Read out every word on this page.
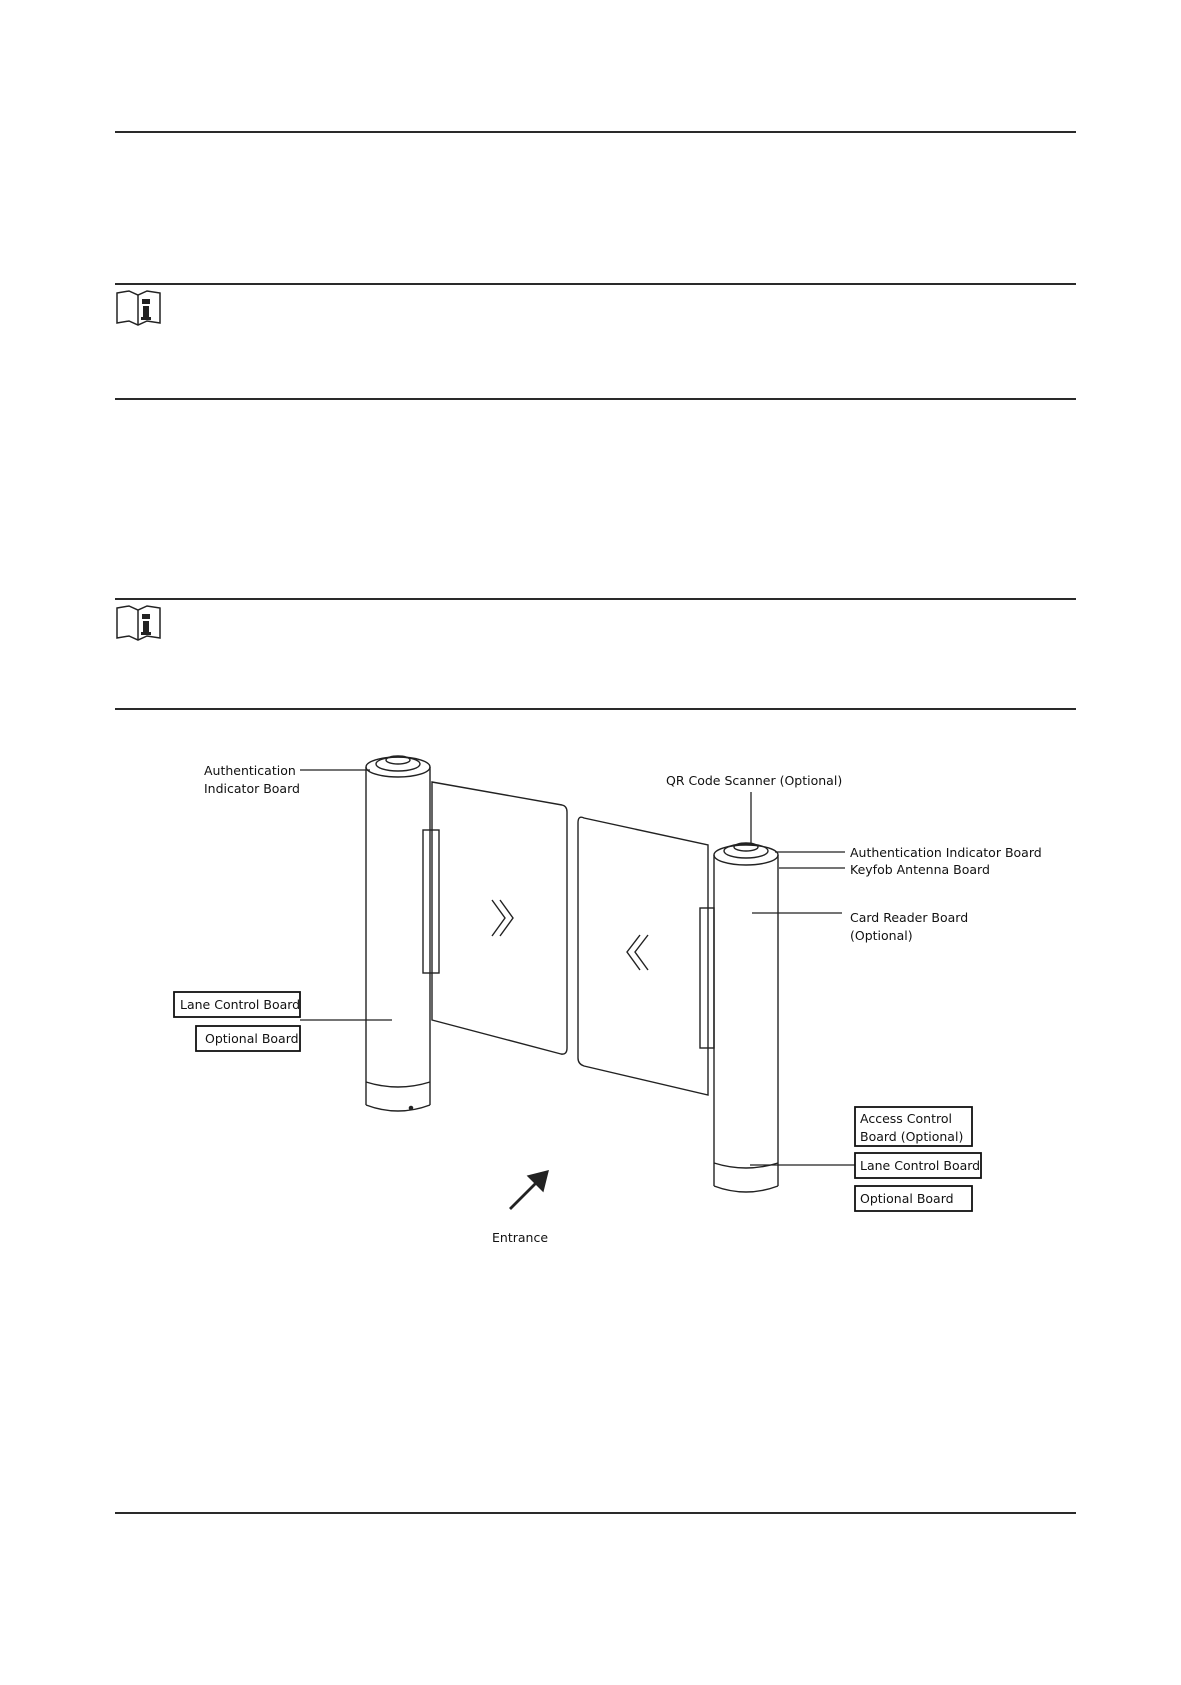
Authentication
Indicator Board
Lane Control Board
Optional Board
QR Code Scanner (Optional)
Authentication Indicator Board
Keyfob Antenna Board
Card Reader Board
(Optional)
Access Control
Board (Optional)
Lane Control Board
Optional Board
Entrance
